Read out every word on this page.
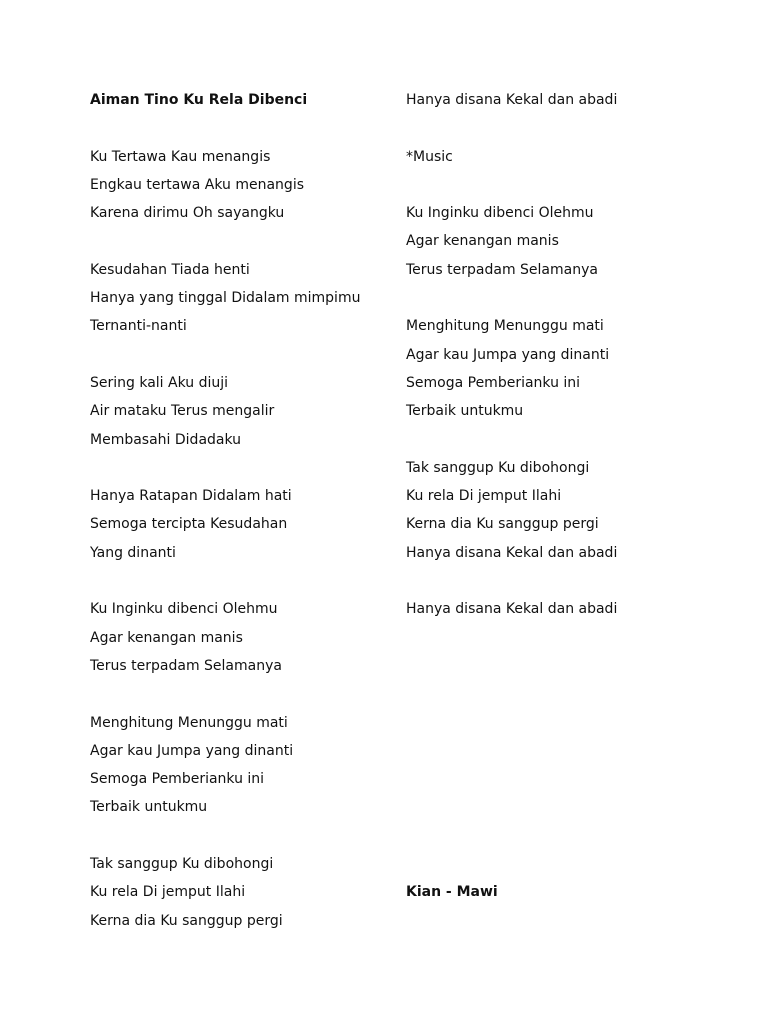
Aiman Tino Ku Rela Dibenci
Ku Tertawa Kau menangis
Engkau tertawa Aku menangis
Karena dirimu Oh sayangku
Kesudahan Tiada henti
Hanya yang tinggal Didalam mimpimu
Ternanti-nanti
Sering kali Aku diuji
Air mataku Terus mengalir
Membasahi Didadaku
Hanya Ratapan Didalam hati
Semoga tercipta Kesudahan
Yang dinanti
Ku Inginku dibenci Olehmu
Agar kenangan manis
Terus terpadam Selamanya
Menghitung Menunggu mati
Agar kau Jumpa yang dinanti
Semoga Pemberianku ini
Terbaik untukmu
Tak sanggup Ku dibohongi
Ku rela Di jemput Ilahi
Kerna dia Ku sanggup pergi
Hanya disana Kekal dan abadi
*Music
Ku Inginku dibenci Olehmu
Agar kenangan manis
Terus terpadam Selamanya
Menghitung Menunggu mati
Agar kau Jumpa yang dinanti
Semoga Pemberianku ini
Terbaik untukmu
Tak sanggup Ku dibohongi
Ku rela Di jemput Ilahi
Kerna dia Ku sanggup pergi
Hanya disana Kekal dan abadi
Hanya disana Kekal dan abadi
Kian - Mawi
